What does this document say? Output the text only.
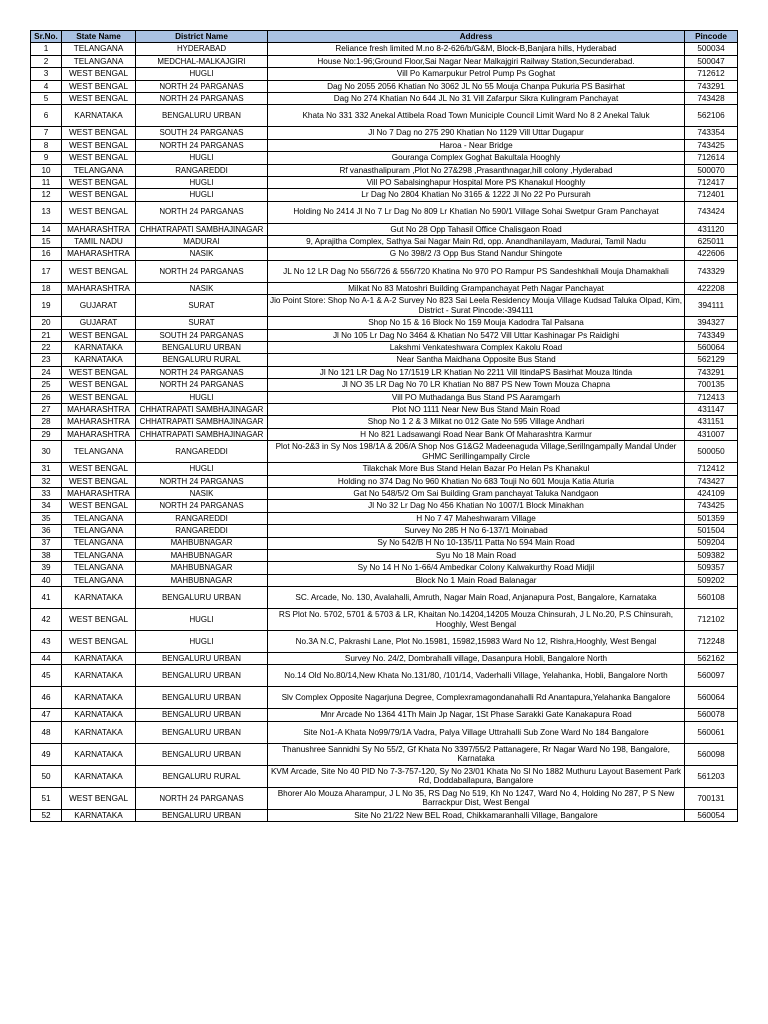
Sr.No.	State Name	District Name	Address	Pincode
1	TELANGANA	HYDERABAD	Reliance fresh limited M.no 8-2-626/b/G&M, Block-B,Banjara hills, Hyderabad	500034
2	TELANGANA	MEDCHAL-MALKAJGIRI	House No:1-96;Ground Floor,Sai Nagar Near Malkajgiri Railway Station,Secunderabad.	500047
3	WEST BENGAL	HUGLI	Vill Po Kamarpukur Petrol Pump Ps Goghat	712612
4	WEST BENGAL	NORTH 24 PARGANAS	Dag No 2055 2056 Khatian No 3062 JL No 55 Mouja Chanpa Pukuria PS Basirhat	743291
5	WEST BENGAL	NORTH 24 PARGANAS	Dag No 274 Khatian No 644 JL No 31 Vill Zafarpur Sikra Kulingram Panchayat	743428
6	KARNATAKA	BENGALURU URBAN	Khata No 331 332 Anekal Attibela Road Town Municiple Council Limit Ward No 8 2 Anekal Taluk	562106
7	WEST BENGAL	SOUTH 24 PARGANAS	Jl No 7 Dag no 275 290 Khatian No 1129 Vill Uttar Dugapur	743354
8	WEST BENGAL	NORTH 24 PARGANAS	Haroa - Near Bridge	743425
9	WEST BENGAL	HUGLI	Gouranga Complex Goghat Bakultala Hooghly	712614
10	TELANGANA	RANGAREDDI	Rf vanasthalipuram ,Plot No 27&298 ,Prasanthnagar,hill colony ,Hyderabad	500070
11	WEST BENGAL	HUGLI	Vill PO Sabalsinghapur Hospital More PS Khanakul Hooghly	712417
12	WEST BENGAL	HUGLI	Lr Dag No 2804 Khatian No 3165 & 1222 Jl No 22 Po Pursurah	712401
13	WEST BENGAL	NORTH 24 PARGANAS	Holding No 2414 Jl No 7 Lr Dag No 809 Lr Khatian No 590/1 Village Sohai Swetpur Gram Panchayat	743424
14	MAHARASHTRA	CHHATRAPATI SAMBHAJINAGAR	Gut No 28 Opp Tahasil Office Chalisgaon Road	431120
15	TAMIL NADU	MADURAI	9, Aprajitha Complex, Sathya Sai Nagar Main Rd, opp. Anandhanilayam, Madurai, Tamil Nadu	625011
16	MAHARASHTRA	NASIK	G No 398/2 /3 Opp Bus Stand Nandur Shingote	422606
17	WEST BENGAL	NORTH 24 PARGANAS	JL No 12 LR Dag No 556/726 & 556/720 Khatina No 970 PO Rampur PS Sandeshkhali Mouja Dhamakhali	743329
18	MAHARASHTRA	NASIK	Milkat No 83 Matoshri Building Grampanchayat Peth Nagar Panchayat	422208
19	GUJARAT	SURAT	Jio Point Store: Shop No A-1 & A-2 Survey No 823 Sai Leela Residency Mouja Village Kudsad Taluka Olpad, Kim, District - Surat Pincode:-394111	394111
20	GUJARAT	SURAT	Shop No 15 & 16 Block No 159 Mouja Kadodra Tal Palsana	394327
21	WEST BENGAL	SOUTH 24 PARGANAS	Jl No 105 Lr Dag No 3464 & Khatian No 5472 Vill Uttar Kashinagar Ps Raidighi	743349
22	KARNATAKA	BENGALURU URBAN	Lakshmi Venkateshwara Complex Kakolu Road	560064
23	KARNATAKA	BENGALURU RURAL	Near Santha Maidhana Opposite Bus Stand	562129
24	WEST BENGAL	NORTH 24 PARGANAS	Jl No 121 LR Dag No 17/1519 LR Khatian No 2211 Vill ItindaPS Basirhat Mouza Itinda	743291
25	WEST BENGAL	NORTH 24 PARGANAS	Jl NO 35 LR Dag No 70 LR Khatian No 887 PS New Town Mouza Chapna	700135
26	WEST BENGAL	HUGLI	Vill PO Muthadanga Bus Stand PS Aaramgarh	712413
27	MAHARASHTRA	CHHATRAPATI SAMBHAJINAGAR	Plot NO 1111 Near New Bus Stand Main Road	431147
28	MAHARASHTRA	CHHATRAPATI SAMBHAJINAGAR	Shop No 1 2 & 3 Milkat no 012 Gate No 595 Village Andhari	431151
29	MAHARASHTRA	CHHATRAPATI SAMBHAJINAGAR	H No 821 Ladsawangi Road Near Bank Of Maharashtra Karmur	431007
30	TELANGANA	RANGAREDDI	Plot No-2&3 in Sy Nos 198/1A & 206/A Shop Nos G1&G2 Madeenaguda Village,Serillngampally Mandal Under GHMC Serillingampally Circle	500050
31	WEST BENGAL	HUGLI	Tilakchak More Bus Stand Helan Bazar Po Helan Ps Khanakul	712412
32	WEST BENGAL	NORTH 24 PARGANAS	Holding no 374 Dag No 960 Khatian No 683 Touji No 601 Mouja Katia Aturia	743427
33	MAHARASHTRA	NASIK	Gat No 548/5/2 Om Sai Building Gram panchayat Taluka Nandgaon	424109
34	WEST BENGAL	NORTH 24 PARGANAS	Jl No 32 Lr Dag No 456 Khatian No 1007/1 Block Minakhan	743425
35	TELANGANA	RANGAREDDI	H No 7 47 Maheshwaram Village	501359
36	TELANGANA	RANGAREDDI	Survey No 285 H No 6-137/1 Moinabad	501504
37	TELANGANA	MAHBUBNAGAR	Sy No 542/B H No 10-135/11 Patta No 594 Main Road	509204
38	TELANGANA	MAHBUBNAGAR	Syu No 18 Main Road	509382
39	TELANGANA	MAHBUBNAGAR	Sy No 14 H No 1-66/4 Ambedkar Colony Kalwakurthy Road Midjil	509357
40	TELANGANA	MAHBUBNAGAR	Block No 1 Main Road Balanagar	509202
41	KARNATAKA	BENGALURU URBAN	SC. Arcade, No. 130, Avalahalli, Amruth, Nagar Main Road, Anjanapura Post, Bangalore, Karnataka	560108
42	WEST BENGAL	HUGLI	RS Plot No. 5702, 5701 & 5703 & LR, Khaitan No.14204,14205 Mouza Chinsurah, J L No.20, P.S Chinsurah, Hooghly, West Bengal	712102
43	WEST BENGAL	HUGLI	No.3A N.C, Pakrashi Lane, Plot No.15981, 15982,15983 Ward No 12, Rishra,Hooghly, West Bengal	712248
44	KARNATAKA	BENGALURU URBAN	Survey No. 24/2, Dombrahalli village, Dasanpura Hobli, Bangalore North	562162
45	KARNATAKA	BENGALURU URBAN	No.14 Old No.80/14,New Khata No.131/80, /101/14, Vaderhalli Village, Yelahanka, Hobli, Bangalore North	560097
46	KARNATAKA	BENGALURU URBAN	Slv Complex Opposite Nagarjuna Degree, Complexramagondanahalli Rd Anantapura,Yelahanka Bangalore	560064
47	KARNATAKA	BENGALURU URBAN	Mnr Arcade No 1364 41Th Main Jp Nagar, 1St Phase Sarakki Gate Kanakapura Road	560078
48	KARNATAKA	BENGALURU URBAN	Site No1-A Khata No99/79/1A Vadra, Palya Village Uttrahalli Sub Zone Ward No 184 Bangalore	560061
49	KARNATAKA	BENGALURU URBAN	Thanushree Sannidhi Sy No 55/2, Gf Khata No 3397/55/2 Pattanagere, Rr Nagar Ward No 198, Bangalore, Karnataka	560098
50	KARNATAKA	BENGALURU RURAL	KVM Arcade, Site No 40 PID No 7-3-757-120, Sy No 23/01 Khata No Sl No 1882 Muthuru Layout Basement Park Rd, Doddaballapura, Bangalore	561203
51	WEST BENGAL	NORTH 24 PARGANAS	Bhorer Alo Mouza Aharampur, J L No 35, RS Dag No 519, Kh No 1247, Ward No 4, Holding No 287, P S New Barrackpur Dist, West Bengal	700131
52	KARNATAKA	BENGALURU URBAN	Site No 21/22 New BEL Road, Chikkamaranhalli Village, Bangalore	560054
